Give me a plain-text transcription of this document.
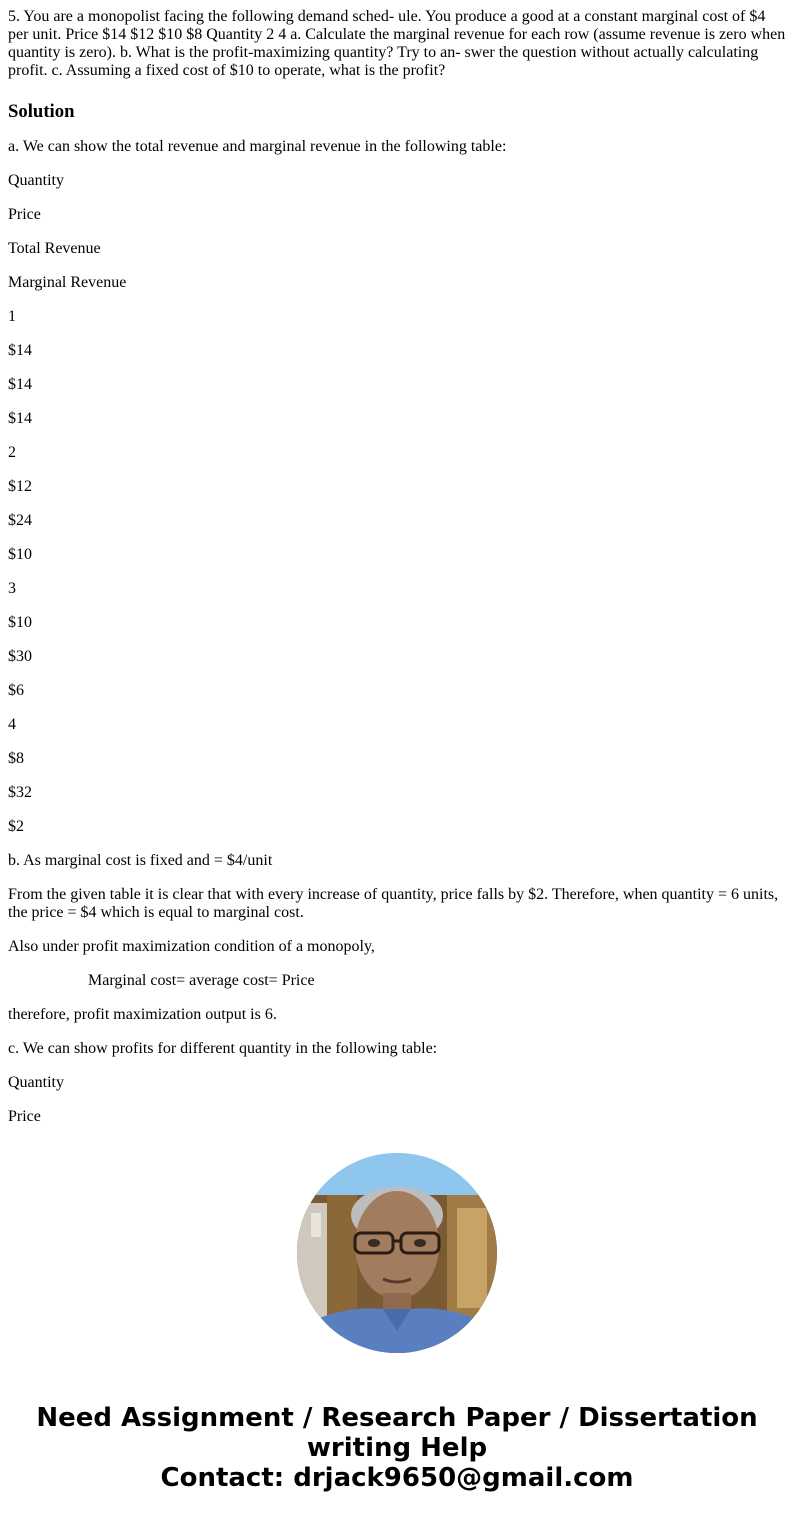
5. You are a monopolist facing the following demand sched- ule. You produce a good at a constant marginal cost of $4 per unit. Price $14 $12 $10 $8 Quantity 2 4 a. Calculate the marginal revenue for each row (assume revenue is zero when quantity is zero). b. What is the profit-maximizing quantity? Try to an- swer the question without actually calculating profit. c. Assuming a fixed cost of $10 to operate, what is the profit?

Solution

a. We can show the total revenue and marginal revenue in the following table:

Quantity

Price

Total Revenue

Marginal Revenue

1

$14

$14

$14

2

$12

$24

$10

3

$10

$30

$6

4

$8

$32

$2

b. As marginal cost is fixed and = $4/unit

From the given table it is clear that with every increase of quantity, price falls by $2. Therefore, when quantity = 6 units, the price = $4 which is equal to marginal cost.

Also under profit maximization condition of a monopoly,

Marginal cost= average cost= Price

therefore, profit maximization output is 6.

c. We can show profits for different quantity in the following table:

Quantity

Price

Need Assignment / Research Paper / Dissertation
writing Help
Contact: drjack9650@gmail.com
